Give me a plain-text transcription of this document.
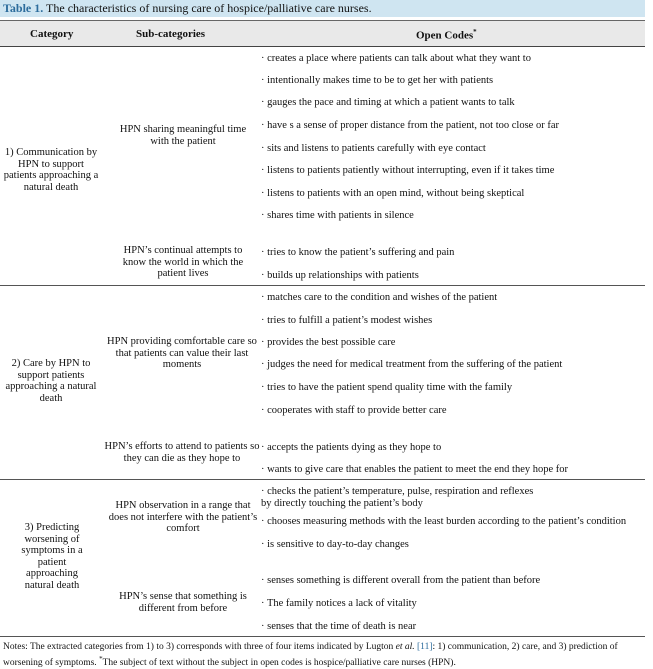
Table 1. The characteristics of nursing care of hospice/palliative care nurses.
Category	Sub-categories	Open Codes*
1) Communication by HPN to support patients approaching a natural death
HPN sharing meaningful time with the patient
· creates a place where patients can talk about what they want to
· intentionally makes time to be to get her with patients
· gauges the pace and timing at which a patient wants to talk
· have s a sense of proper distance from the patient, not too close or far
· sits and listens to patients carefully with eye contact
· listens to patients patiently without interrupting, even if it takes time
· listens to patients with an open mind, without being skeptical
· shares time with patients in silence
HPN’s continual attempts to know the world in which the patient lives
· tries to know the patient’s suffering and pain
· builds up relationships with patients
2) Care by HPN to support patients approaching a natural death
HPN providing comfortable care so that patients can value their last moments
· matches care to the condition and wishes of the patient
· tries to fulfill a patient’s modest wishes
· provides the best possible care
· judges the need for medical treatment from the suffering of the patient
· tries to have the patient spend quality time with the family
· cooperates with staff to provide better care
HPN’s efforts to attend to patients so they can die as they hope to
· accepts the patients dying as they hope to
· wants to give care that enables the patient to meet the end they hope for
3) Predicting worsening of symptoms in a patient approaching natural death
HPN observation in a range that does not interfere with the patient’s comfort
· checks the patient’s temperature, pulse, respiration and reflexes
by directly touching the patient’s body
· chooses measuring methods with the least burden according to the patient’s condition
· is sensitive to day-to-day changes
HPN’s sense that something is different from before
· senses something is different overall from the patient than before
· The family notices a lack of vitality
· senses that the time of death is near
Notes: The extracted categories from 1) to 3) corresponds with three of four items indicated by Lugton et al. [11]: 1) communication, 2) care, and 3) prediction of worsening of symptoms. *The subject of text without the subject in open codes is hospice/palliative care nurses (HPN).
